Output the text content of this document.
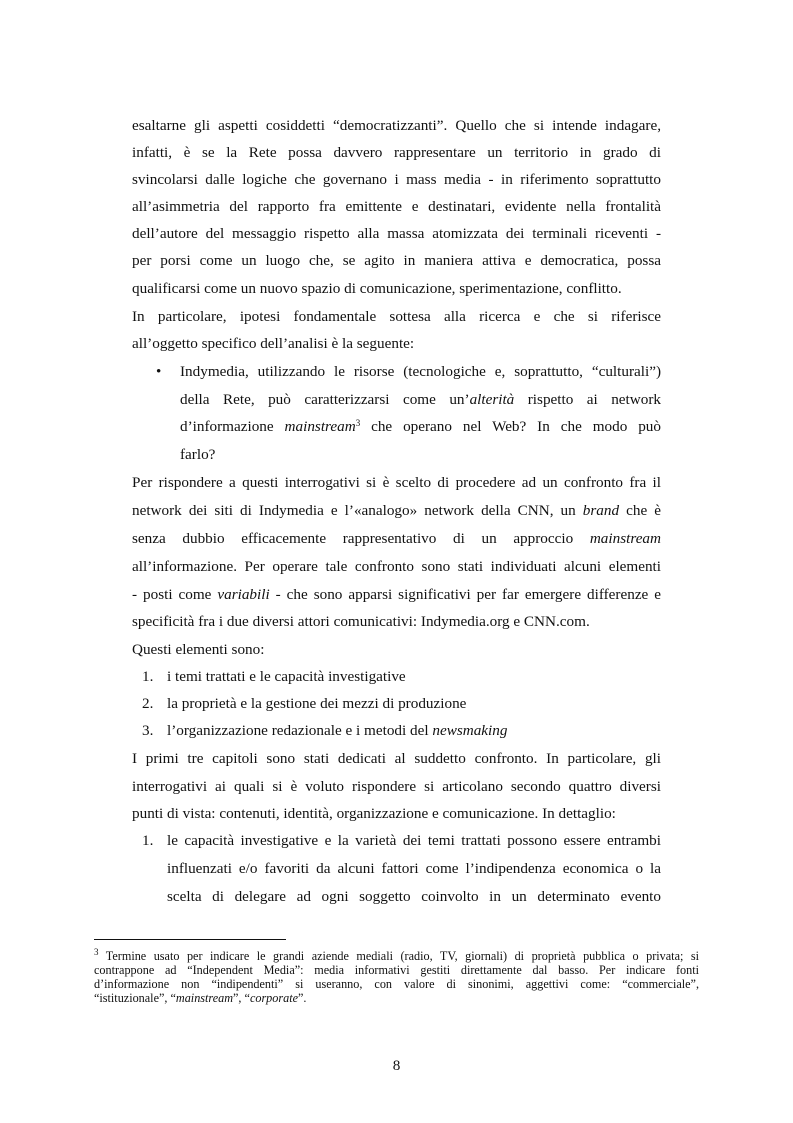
esaltarne gli aspetti cosiddetti “democratizzanti”. Quello che si intende indagare,
infatti, è se la Rete possa davvero rappresentare un territorio in grado di
svincolarsi dalle logiche che governano i mass media - in riferimento soprattutto
all’asimmetria del rapporto fra emittente e destinatari, evidente nella frontalità
dell’autore del messaggio rispetto alla massa atomizzata dei terminali riceventi -
per porsi come un luogo che, se agito in maniera attiva e democratica, possa
qualificarsi come un nuovo spazio di comunicazione, sperimentazione, conflitto.
In particolare, ipotesi fondamentale sottesa alla ricerca e che si riferisce
all’oggetto specifico dell’analisi è la seguente:
• Indymedia, utilizzando le risorse (tecnologiche e, soprattutto, “culturali”)
della Rete, può caratterizzarsi come un’alterità rispetto ai network
d’informazione mainstream$^3$ che operano nel Web? In che modo può
farlo?
Per rispondere a questi interrogativi si è scelto di procedere ad un confronto fra il
network dei siti di Indymedia e l’«analogo» network della CNN, un brand che è
senza dubbio efficacemente rappresentativo di un approccio mainstream
all’informazione. Per operare tale confronto sono stati individuati alcuni elementi
- posti come variabili - che sono apparsi significativi per far emergere differenze e
specificità fra i due diversi attori comunicativi: Indymedia.org e CNN.com.
Questi elementi sono:
1. i temi trattati e le capacità investigative
2. la proprietà e la gestione dei mezzi di produzione
3. l’organizzazione redazionale e i metodi del newsmaking
I primi tre capitoli sono stati dedicati al suddetto confronto. In particolare, gli
interrogativi ai quali si è voluto rispondere si articolano secondo quattro diversi
punti di vista: contenuti, identità, organizzazione e comunicazione. In dettaglio:
1. le capacità investigative e la varietà dei temi trattati possono essere entrambi
influenzati e/o favoriti da alcuni fattori come l’indipendenza economica o la
scelta di delegare ad ogni soggetto coinvolto in un determinato evento
$^3$ Termine usato per indicare le grandi aziende mediali (radio, TV, giornali) di proprietà pubblica o privata; si
contrappone ad “Independent Media”: media informativi gestiti direttamente dal basso. Per indicare fonti
d’informazione non “indipendenti” si useranno, con valore di sinonimi, aggettivi come: “commerciale”,
“istituzionale”, “mainstream”, “corporate”.
8
